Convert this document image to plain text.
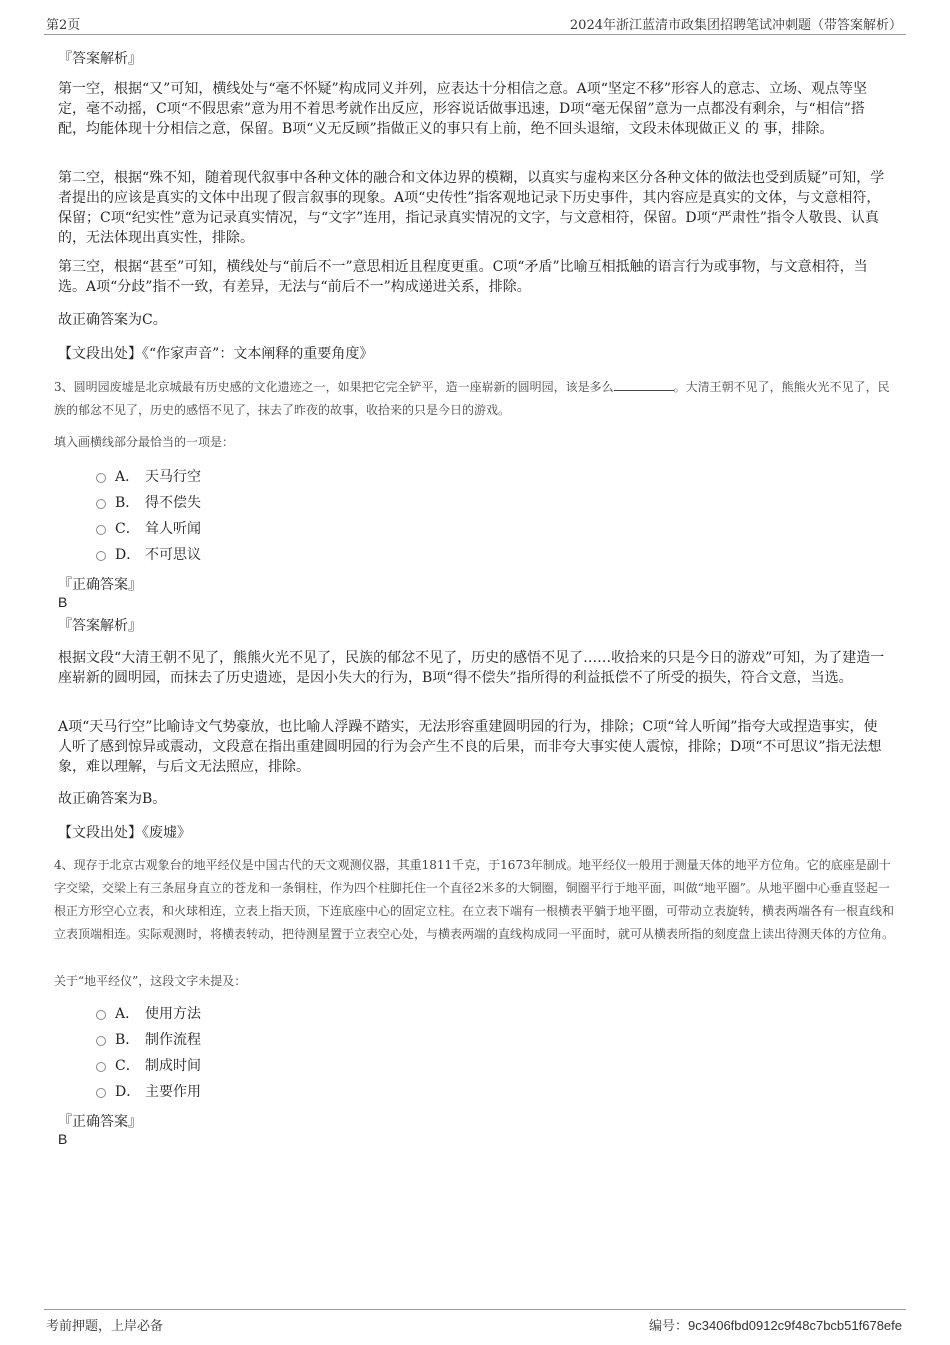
第2页	2024年浙江蓝清市政集团招聘笔试冲刺题（带答案解析）
『答案解析』
第一空，根据“又”可知，横线处与“毫不怀疑”构成同义并列，应表达十分相信之意。A项“坚定不移”形容人的意志、立场、观点等坚定，毫不动摇，C项“不假思索”意为用不着思考就作出反应，形容说话做事迅速，D项“毫无保留”意为一点都没有剩余，与“相信”搭配，均能体现十分相信之意，保留。B项“义无反顾”指做正义的事只有上前，绝不回头退缩，文段未体现做正义 的 事，排除。
第二空，根据“殊不知，随着现代叙事中各种文体的融合和文体边界的模糊，以真实与虚构来区分各种文体的做法也受到质疑”可知，学者提出的应该是真实的文体中出现了假言叙事的现象。A项“史传性”指客观地记录下历史事件，其内容应是真实的文体，与文意相符，保留；C项“纪实性”意为记录真实情况，与“文字”连用，指记录真实情况的文字，与文意相符，保留。D项“严肃性”指令人敬畏、认真的，无法体现出真实性，排除。
第三空，根据“甚至”可知，横线处与“前后不一”意思相近且程度更重。C项“矛盾”比喻互相抵触的语言行为或事物，与文意相符，当选。A项“分歧”指不一致，有差异，无法与“前后不一”构成递进关系，排除。
故正确答案为C。
【文段出处】《“作家声音”：文本阐释的重要角度》
3、圆明园废墟是北京城最有历史感的文化遗迹之一，如果把它完全铲平，造一座崭新的圆明园，该是多么	。大清王朝不见了，熊熊火光不见了，民族的郁忿不见了，历史的感悟不见了，抹去了昨夜的故事，收拾来的只是今日的游戏。
填入画横线部分最恰当的一项是：
A． 天马行空
B． 得不偿失
C． 耸人听闻
D． 不可思议
『正确答案』
B
『答案解析』
根据文段“大清王朝不见了，熊熊火光不见了，民族的郁忿不见了，历史的感悟不见了……收拾来的只是今日的游戏”可知，为了建造一座崭新的圆明园，而抹去了历史遗迹，是因小失大的行为，B项“得不偿失”指所得的利益抵偿不了所受的损失，符合文意，当选。
A项“天马行空”比喻诗文气势豪放，也比喻人浮躁不踏实，无法形容重建圆明园的行为，排除；C项“耸人听闻”指夸大或捏造事实，使人听了感到惊异或震动，文段意在指出重建圆明园的行为会产生不良的后果，而非夸大事实使人震惊，排除；D项“不可思议”指无法想象，难以理解，与后文无法照应，排除。
故正确答案为B。
【文段出处】《废墟》
4、现存于北京古观象台的地平经仪是中国古代的天文观测仪器，其重1811千克，于1673年制成。地平经仪一般用于测量天体的地平方位角。它的底座是副十字交梁，交梁上有三条屈身直立的苍龙和一条铜柱，作为四个柱脚托住一个直径2米多的大铜圈，铜圈平行于地平面，叫做“地平圈”。从地平圈中心垂直竖起一根正方形空心立表，和火球相连，立表上指天顶，下连底座中心的固定立柱。在立表下端有一根横表平躺于地平圈，可带动立表旋转，横表两端各有一根直线和立表顶端相连。实际观测时，将横表转动，把待测星置于立表空心处，与横表两端的直线构成同一平面时，就可从横表所指的刻度盘上读出待测天体的方位角。
关于“地平经仪”，这段文字未提及：
A． 使用方法
B． 制作流程
C． 制成时间
D． 主要作用
『正确答案』
B
考前押题，上岸必备	编号：9c3406fbd0912c9f48c7bcb51f678efe
